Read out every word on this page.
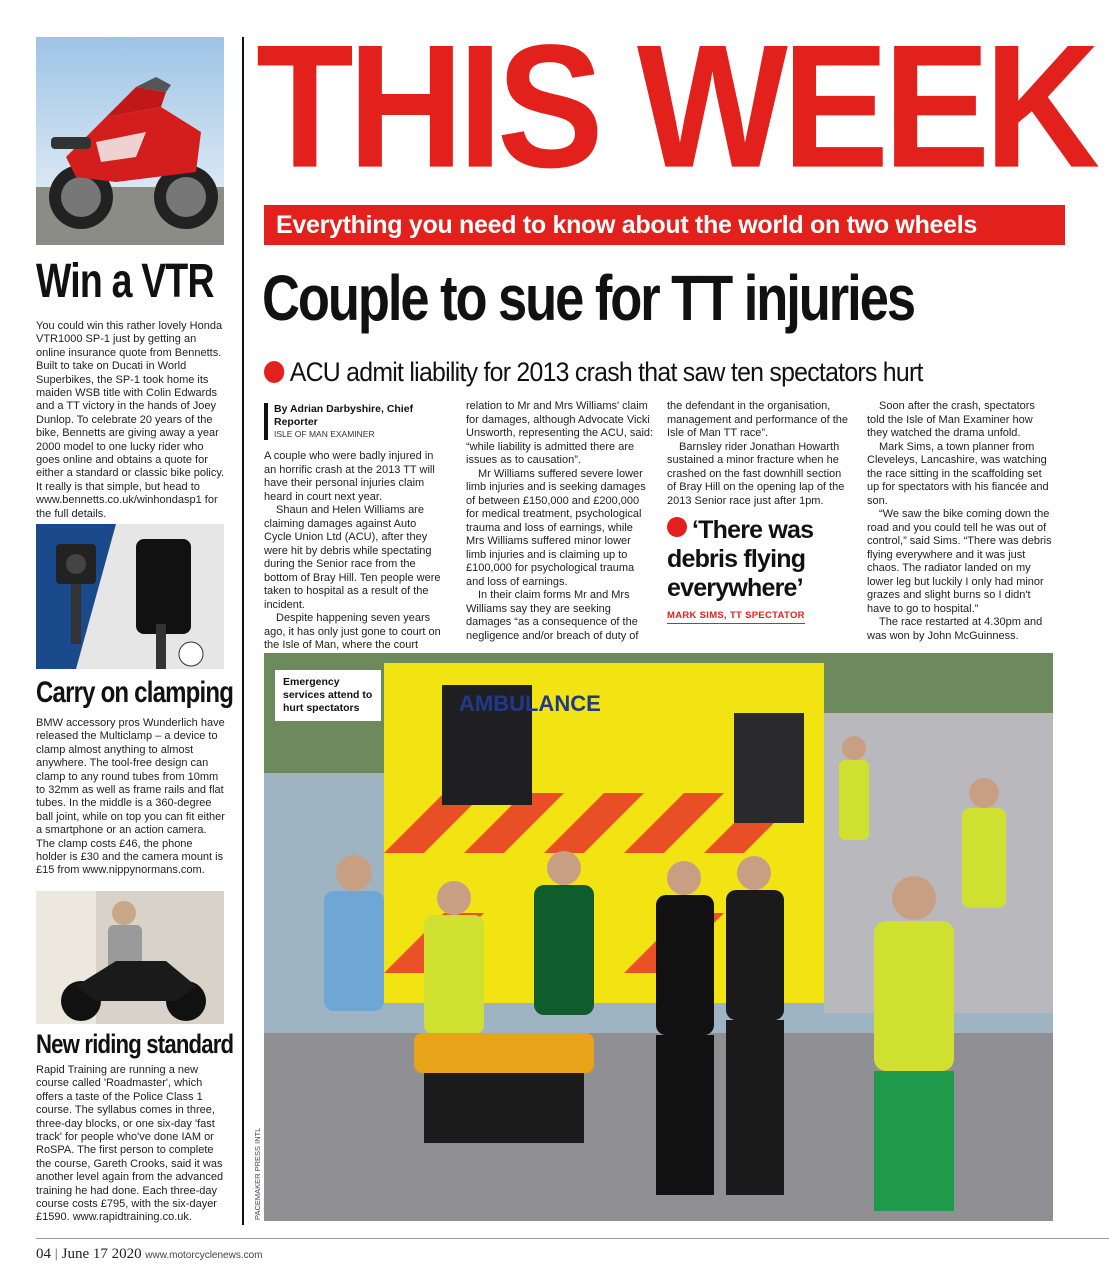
Win a VTR
You could win this rather lovely Honda VTR1000 SP-1 just by getting an online insurance quote from Bennetts. Built to take on Ducati in World Superbikes, the SP-1 took home its maiden WSB title with Colin Edwards and a TT victory in the hands of Joey Dunlop. To celebrate 20 years of the bike, Bennetts are giving away a year 2000 model to one lucky rider who goes online and obtains a quote for either a standard or classic bike policy. It really is that simple, but head to www.bennetts.co.uk/winhondasp1 for the full details.
Carry on clamping
BMW accessory pros Wunderlich have released the Multiclamp – a device to clamp almost anything to almost anywhere. The tool-free design can clamp to any round tubes from 10mm to 32mm as well as frame rails and flat tubes. In the middle is a 360-degree ball joint, while on top you can fit either a smartphone or an action camera. The clamp costs £46, the phone holder is £30 and the camera mount is £15 from www.nippynormans.com.
New riding standard
Rapid Training are running a new course called 'Roadmaster', which offers a taste of the Police Class 1 course. The syllabus comes in three, three-day blocks, or one six-day 'fast track' for people who've done IAM or RoSPA. The first person to complete the course, Gareth Crooks, said it was another level again from the advanced training he had done. Each three-day course costs £795, with the six-dayer £1590. www.rapidtraining.co.uk.
THIS WEEK
Everything you need to know about the world on two wheels
Couple to sue for TT injuries
ACU admit liability for 2013 crash that saw ten spectators hurt
By Adrian Darbyshire, Chief Reporter
ISLE OF MAN EXAMINER

A couple who were badly injured in an horrific crash at the 2013 TT will have their personal injuries claim heard in court next year.

Shaun and Helen Williams are claiming damages against Auto Cycle Union Ltd (ACU), after they were hit by debris while spectating during the Senior race from the bottom of Bray Hill. Ten people were taken to hospital as a result of the incident.

Despite happening seven years ago, it has only just gone to court on the Isle of Man, where the court

relation to Mr and Mrs Williams' claim for damages, although Advocate Vicki Unsworth, representing the ACU, said: “while liability is admitted there are issues as to causation”.

Mr Williams suffered severe lower limb injuries and is seeking damages of between £150,000 and £200,000 for medical treatment, psychological trauma and loss of earnings, while Mrs Williams suffered minor lower limb injuries and is claiming up to £100,000 for psychological trauma and loss of earnings.

In their claim forms Mr and Mrs Williams say they are seeking damages “as a consequence of the negligence and/or breach of duty of

the defendant in the organisation, management and performance of the Isle of Man TT race”.

Barnsley rider Jonathan Howarth sustained a minor fracture when he crashed on the fast downhill section of Bray Hill on the opening lap of the 2013 Senior race just after 1pm.

‘There was debris flying everywhere’
MARK SIMS, TT SPECTATOR

Soon after the crash, spectators told the Isle of Man Examiner how they watched the drama unfold.

Mark Sims, a town planner from Cleveleys, Lancashire, was watching the race sitting in the scaffolding set up for spectators with his fiancée and son.

“We saw the bike coming down the road and you could tell he was out of control,” said Sims. “There was debris flying everywhere and it was just chaos. The radiator landed on my lower leg but luckily I only had minor grazes and slight burns so I didn't have to go to hospital.”

The race restarted at 4.30pm and was won by John McGuinness.

AMBULANCE
Emergency services attend to hurt spectators
PACEMAKER PRESS INTL
04 | June 17 2020 www.motorcyclenews.com
